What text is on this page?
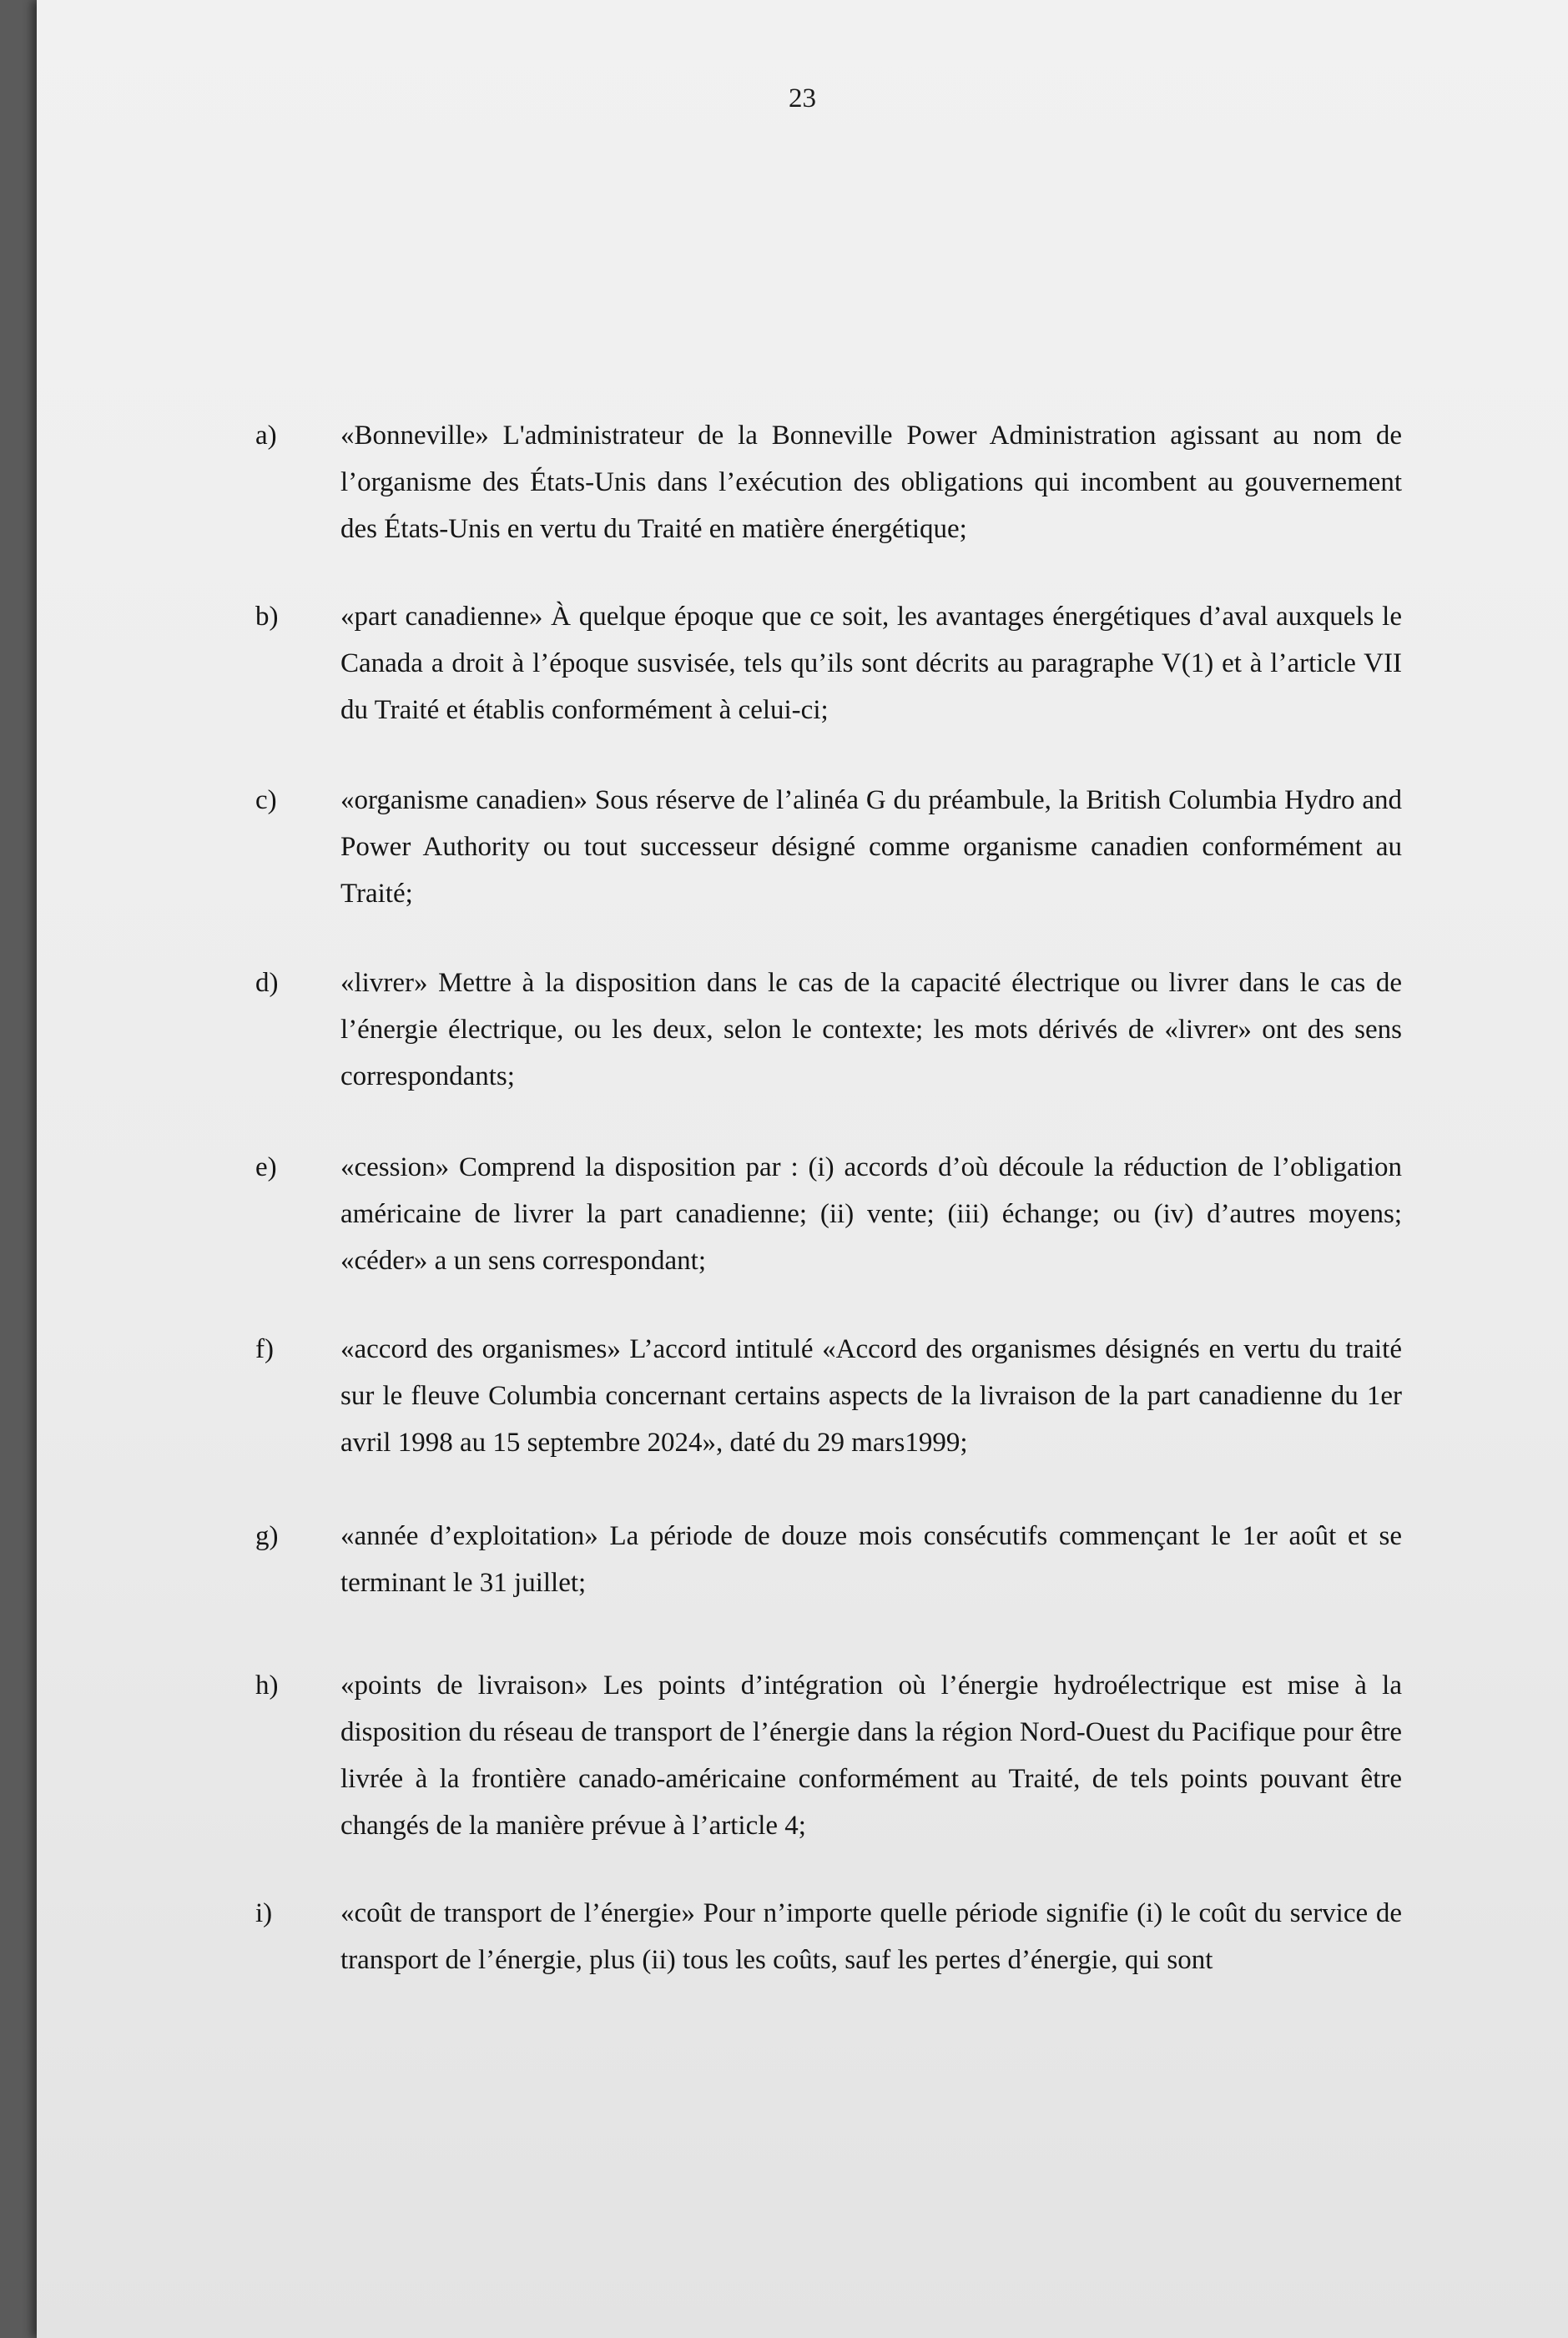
23
a) «Bonneville» L'administrateur de la Bonneville Power Administration agissant au nom de l’organisme des États-Unis dans l’exécution des obligations qui incombent au gouvernement des États-Unis en vertu du Traité en matière énergétique;

b) «part canadienne» À quelque époque que ce soit, les avantages énergétiques d’aval auxquels le Canada a droit à l’époque susvisée, tels qu’ils sont décrits au paragraphe V(1) et à l’article VII du Traité et établis conformément à celui-ci;

c) «organisme canadien» Sous réserve de l’alinéa G du préambule, la British Columbia Hydro and Power Authority ou tout successeur désigné comme organisme canadien conformément au Traité;

d) «livrer» Mettre à la disposition dans le cas de la capacité électrique ou livrer dans le cas de l’énergie électrique, ou les deux, selon le contexte; les mots dérivés de «livrer» ont des sens correspondants;

e) «cession» Comprend la disposition par : (i) accords d’où découle la réduction de l’obligation américaine de livrer la part canadienne; (ii) vente; (iii) échange; ou (iv) d’autres moyens; «céder» a un sens correspondant;

f) «accord des organismes» L’accord intitulé «Accord des organismes désignés en vertu du traité sur le fleuve Columbia concernant certains aspects de la livraison de la part canadienne du 1er avril 1998 au 15 septembre 2024», daté du 29 mars1999;

g) «année d’exploitation» La période de douze mois consécutifs commençant le 1er août et se terminant le 31 juillet;

h) «points de livraison» Les points d’intégration où l’énergie hydroélectrique est mise à la disposition du réseau de transport de l’énergie dans la région Nord-Ouest du Pacifique pour être livrée à la frontière canado-américaine conformément au Traité, de tels points pouvant être changés de la manière prévue à l’article 4;

i) «coût de transport de l’énergie» Pour n’importe quelle période signifie (i) le coût du service de transport de l’énergie, plus (ii) tous les coûts, sauf les pertes d’énergie, qui sont
